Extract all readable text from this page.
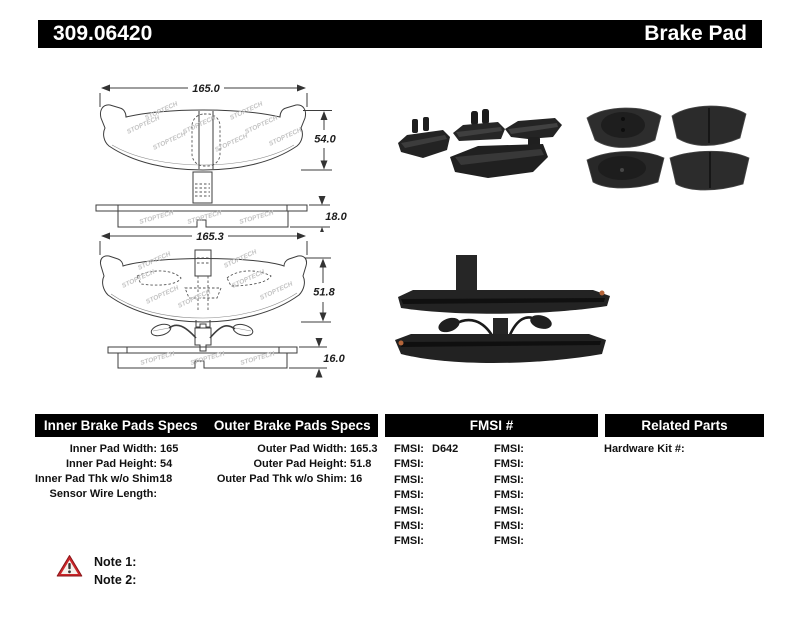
309.06420	Brake Pad
165.0
STOPTECH
STOPTECH
STOPTECH
STOPTECH
STOPTECH
STOPTECH
STOPTECH
STOPTECH 54.0
STOPTECH STOPTECH STOPTECH	18.0
165.3
STOPTECH
STOPTECH
STOPTECH
STOPTECH
STOPTECH
STOPTECH
STOPTECH 51.8
STOPTECH STOPTECH STOPTECH	16.0
Inner Brake Pads Specs	Outer Brake Pads Specs	FMSI #	Related Parts
Inner Pad Width: 165
Inner Pad Height: 54
Inner Pad Thk w/o Shim:
18
Sensor Wire Length:
Outer Pad Width: 165.3
Outer Pad Height: 51.8
Outer Pad Thk w/o Shim: 16
FMSI: D642	FMSI:
FMSI:	FMSI:
FMSI:	FMSI:
FMSI:	FMSI:
FMSI:	FMSI:
FMSI:	FMSI:
FMSI:	FMSI:
Hardware Kit #:
Note 1:
Note 2:
